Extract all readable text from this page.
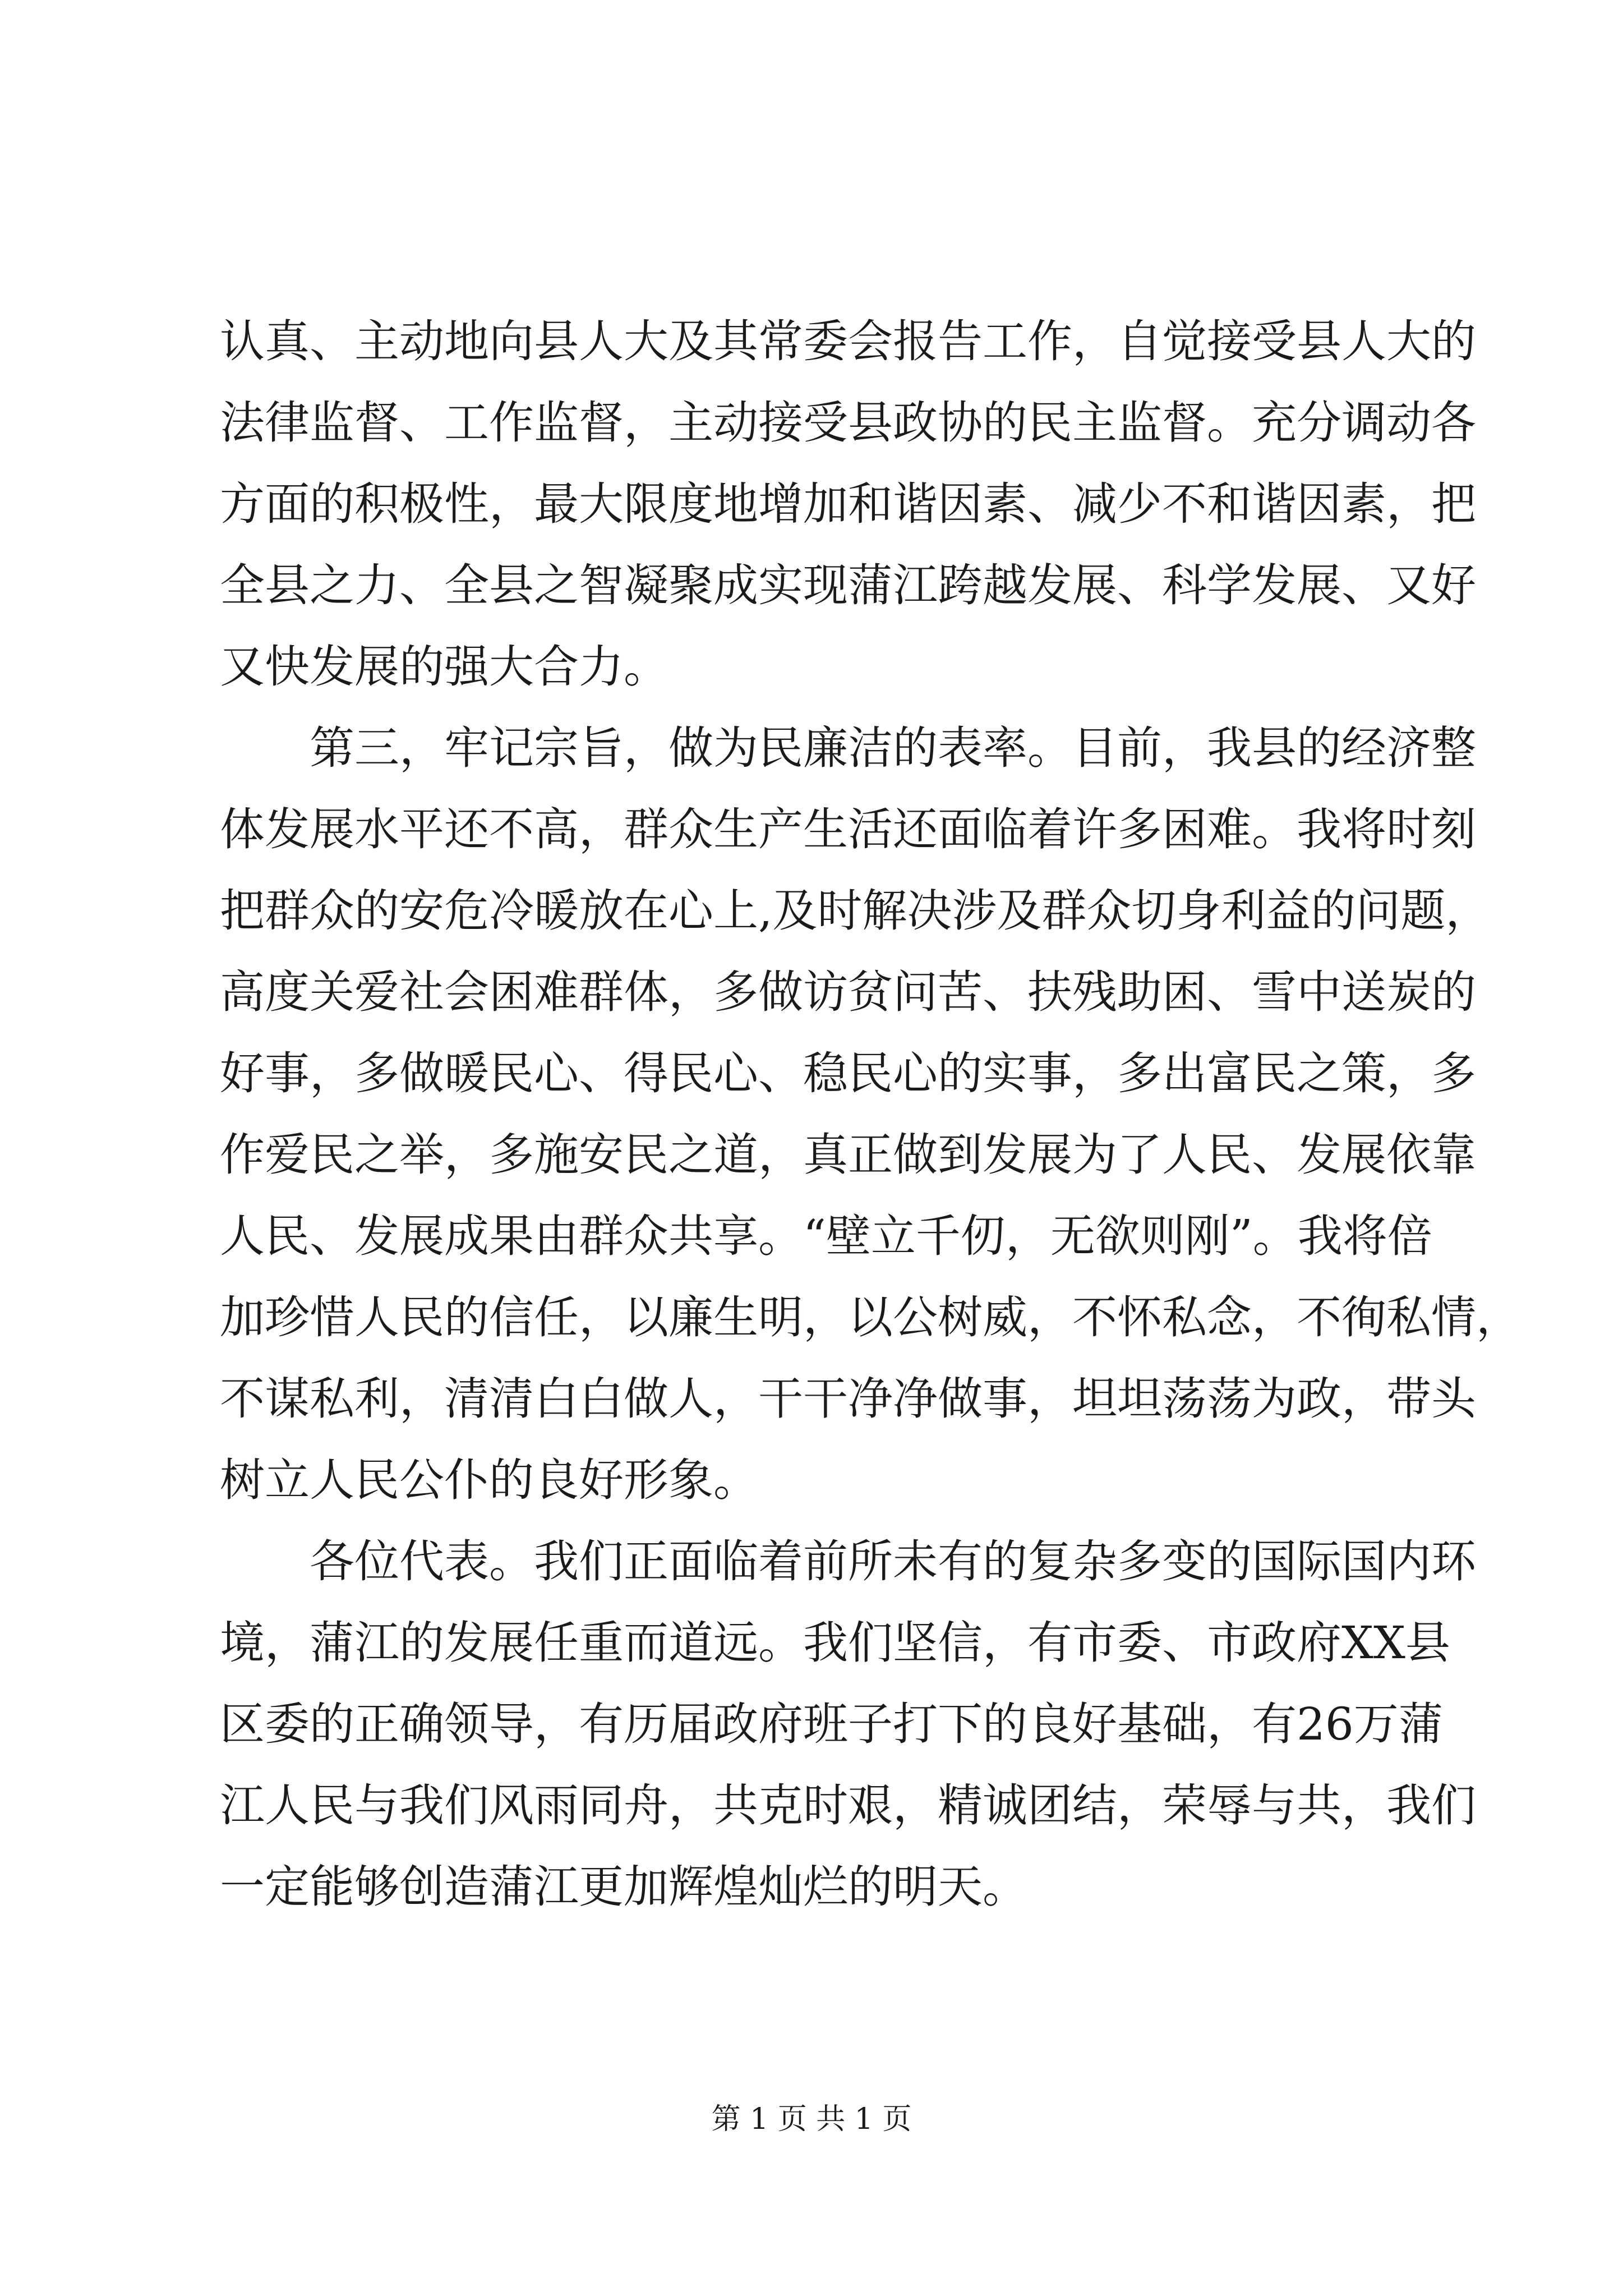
认真、主动地向县人大及其常委会报告工作，自觉接受县人大的
法律监督、工作监督，主动接受县政协的民主监督。充分调动各
方面的积极性，最大限度地增加和谐因素、减少不和谐因素，把
全县之力、全县之智凝聚成实现蒲江跨越发展、科学发展、又好
又快发展的强大合力。
　　第三，牢记宗旨，做为民廉洁的表率。目前，我县的经济整
体发展水平还不高，群众生产生活还面临着许多困难。我将时刻
把群众的安危冷暖放在心上,及时解决涉及群众切身利益的问题，
高度关爱社会困难群体，多做访贫问苦、扶残助困、雪中送炭的
好事，多做暖民心、得民心、稳民心的实事，多出富民之策，多
作爱民之举，多施安民之道，真正做到发展为了人民、发展依靠
人民、发展成果由群众共享。“壁立千仞，无欲则刚”。我将倍
加珍惜人民的信任，以廉生明，以公树威，不怀私念，不徇私情，
不谋私利，清清白白做人，干干净净做事，坦坦荡荡为政，带头
树立人民公仆的良好形象。
　　各位代表。我们正面临着前所未有的复杂多变的国际国内环
境，蒲江的发展任重而道远。我们坚信，有市委、市政府XX县
区委的正确领导，有历届政府班子打下的良好基础，有26万蒲
江人民与我们风雨同舟，共克时艰，精诚团结，荣辱与共，我们
一定能够创造蒲江更加辉煌灿烂的明天。
第 1 页 共 1 页
